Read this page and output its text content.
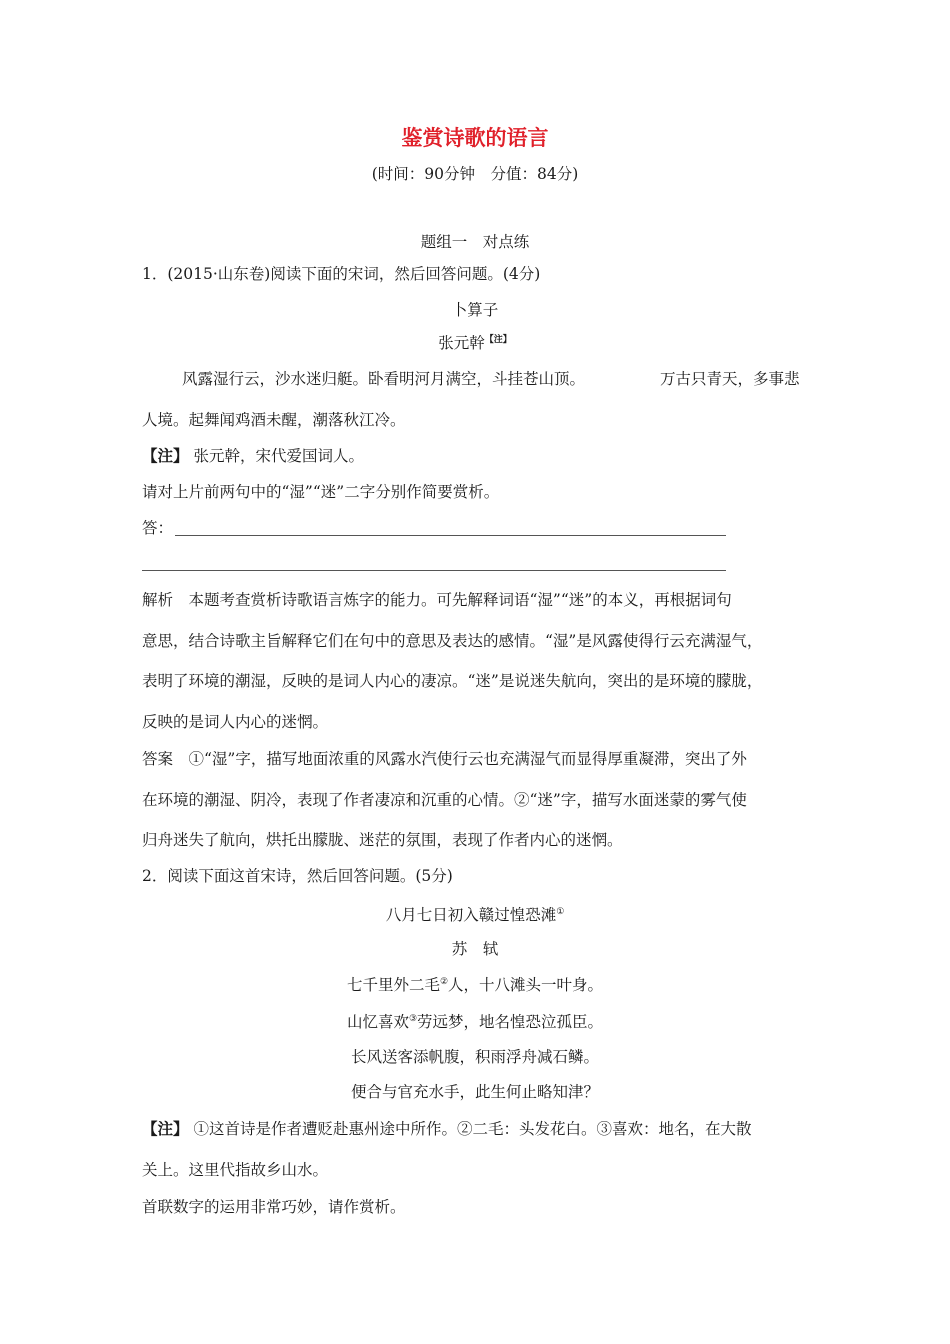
鉴赏诗歌的语言
(时间：90分钟　分值：84分)
题组一　对点练
1．(2015·山东卷)阅读下面的宋词，然后回答问题。(4分)
卜算子
张元幹$^{【注】}$
风露湿行云，沙水迷归艇。卧看明河月满空，斗挂苍山顶。	万古只青天，多事悲
人境。起舞闻鸡酒未醒，潮落秋江冷。
【注】 张元幹，宋代爱国词人。
请对上片前两句中的“湿”“迷”二字分别作简要赏析。
答：
解析　本题考查赏析诗歌语言炼字的能力。可先解释词语“湿”“迷”的本义，再根据词句
意思，结合诗歌主旨解释它们在句中的意思及表达的感情。“湿”是风露使得行云充满湿气，
表明了环境的潮湿，反映的是词人内心的凄凉。“迷”是说迷失航向，突出的是环境的朦胧，
反映的是词人内心的迷惘。
答案　①“湿”字，描写地面浓重的风露水汽使行云也充满湿气而显得厚重凝滞，突出了外
在环境的潮湿、阴冷，表现了作者凄凉和沉重的心情。②“迷”字，描写水面迷蒙的雾气使
归舟迷失了航向，烘托出朦胧、迷茫的氛围，表现了作者内心的迷惘。
2．阅读下面这首宋诗，然后回答问题。(5分)
八月七日初入赣过惶恐滩①
苏　轼
七千里外二毛②人，十八滩头一叶身。
山忆喜欢③劳远梦，地名惶恐泣孤臣。
长风送客添帆腹，积雨浮舟减石鳞。
便合与官充水手，此生何止略知津？
【注】 ①这首诗是作者遭贬赴惠州途中所作。②二毛：头发花白。③喜欢：地名，在大散
关上。这里代指故乡山水。
首联数字的运用非常巧妙，请作赏析。
